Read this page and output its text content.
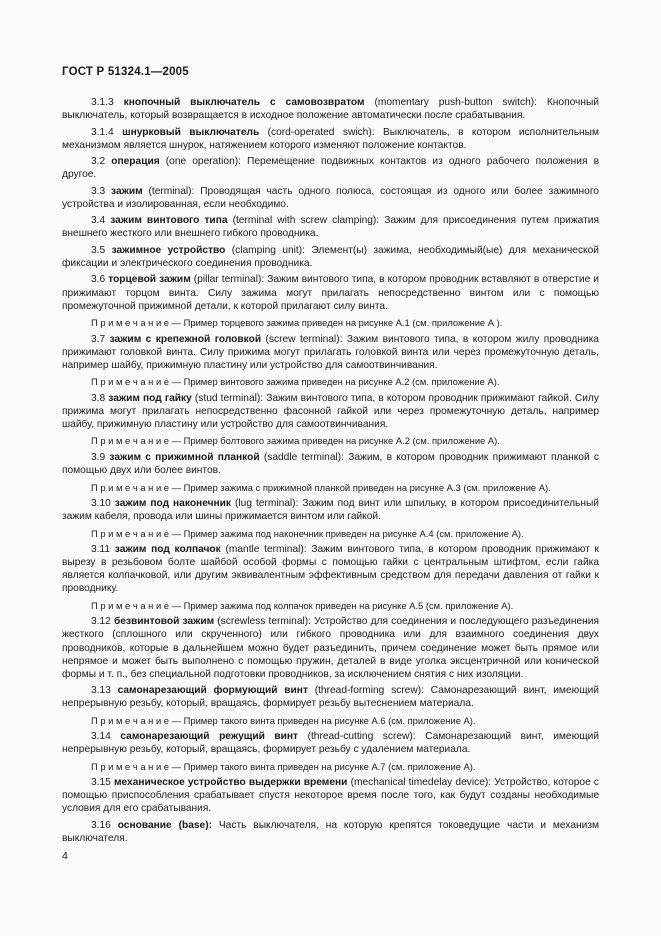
ГОСТ Р 51324.1—2005

3.1.3 кнопочный выключатель с самовозвратом (momentary push-button switch): Кнопочный выключатель, который возвращается в исходное положение автоматически после срабатывания.

3.1.4 шнурковый выключатель (cord-operated swich): Выключатель, в котором исполнительным механизмом является шнурок, натяжением которого изменяют положение контактов.

3.2 операция (one operation): Перемещение подвижных контактов из одного рабочего положения в другое.

3.3 зажим (terminal): Проводящая часть одного полюса, состоящая из одного или более зажимного устройства и изолированная, если необходимо.

3.4 зажим винтового типа (terminal with screw clamping): Зажим для присоединения путем прижатия внешнего жесткого или внешнего гибкого проводника.

3.5 зажимное устройство (clamping unit): Элемент(ы) зажима, необходимый(ые) для механической фиксации и электрического соединения проводника.

3.6 торцевой зажим (pillar terminal): Зажим винтового типа, в котором проводник вставляют в отверстие и прижимают торцом винта. Силу зажима могут прилагать непосредственно винтом или с помощью промежуточной прижимной детали, к которой прилагают силу винта.

П р и м е ч а н и е — Пример торцевого зажима приведен на рисунке А.1 (см. приложение А ).

3.7 зажим с крепежной головкой (screw terminal): Зажим винтового типа, в котором жилу проводника прижимают головкой винта. Силу прижима могут прилагать головкой винта или через промежуточную деталь, например шайбу, прижимную пластину или устройство для самоотвинчивания.

П р и м е ч а н и е — Пример винтового зажима приведен на рисунке А.2 (см. приложение А).

3.8 зажим под гайку (stud terminal): Зажим винтового типа, в котором проводник прижимают гайкой. Силу прижима могут прилагать непосредственно фасонной гайкой или через промежуточную деталь, например шайбу, прижимную пластину или устройство для самоотвинчивания.

П р и м е ч а н и е — Пример болтового зажима приведен на рисунке А.2 (см. приложение А).

3.9 зажим с прижимной планкой (saddle terminal): Зажим, в котором проводник прижимают планкой с помощью двух или более винтов.

П р и м е ч а н и е — Пример зажима с прижимной планкой приведен на рисунке А.3 (см. приложение А).

3.10 зажим под наконечник (lug terminal): Зажим под винт или шпильку, в котором присоединительный зажим кабеля, провода или шины прижимается винтом или гайкой.

П р и м е ч а н и е — Пример зажима под наконечник приведен на рисунке А.4 (см. приложение А).

3.11 зажим под колпачок (mantle terminal): Зажим винтового типа, в котором проводник прижимают к вырезу в резьбовом болте шайбой особой формы с помощью гайки с центральным штифтом, если гайка является колпачковой, или другим эквивалентным эффективным средством для передачи давления от гайки к проводнику.

П р и м е ч а н и е — Пример зажима под колпачок приведен на рисунке А.5 (см. приложение А).

3.12 безвинтовой зажим (screwless terminal): Устройство для соединения и последующего разъединения жесткого (сплошного или скрученного) или гибкого проводника или для взаимного соединения двух проводников, которые в дальнейшем можно будет разъединить, причем соединение может быть прямое или непрямое и может быть выполнено с помощью пружин, деталей в виде уголка эксцентричной или конической формы и т. п., без специальной подготовки проводников, за исключением снятия с них изоляции.

3.13 самонарезающий формующий винт (thread-forming screw): Самонарезающий винт, имеющий непрерывную резьбу, который, вращаясь, формирует резьбу вытеснением материала.

П р и м е ч а н и е — Пример такого винта приведен на рисунке А.6 (см. приложение А).

3.14 самонарезающий режущий винт (thread-cutting screw): Самонарезающий винт, имеющий непрерывную резьбу, который, вращаясь, формирует резьбу с удалением материала.

П р и м е ч а н и е — Пример такого винта приведен на рисунке А.7 (см. приложение А).

3.15 механическое устройство выдержки времени (mechanical timedelay device): Устройство, которое с помощью приспособления срабатывает спустя некоторое время после того, как будут созданы необходимые условия для его срабатывания.

3.16 основание (base): Часть выключателя, на которую крепятся токоведущие части и механизм выключателя.

4
